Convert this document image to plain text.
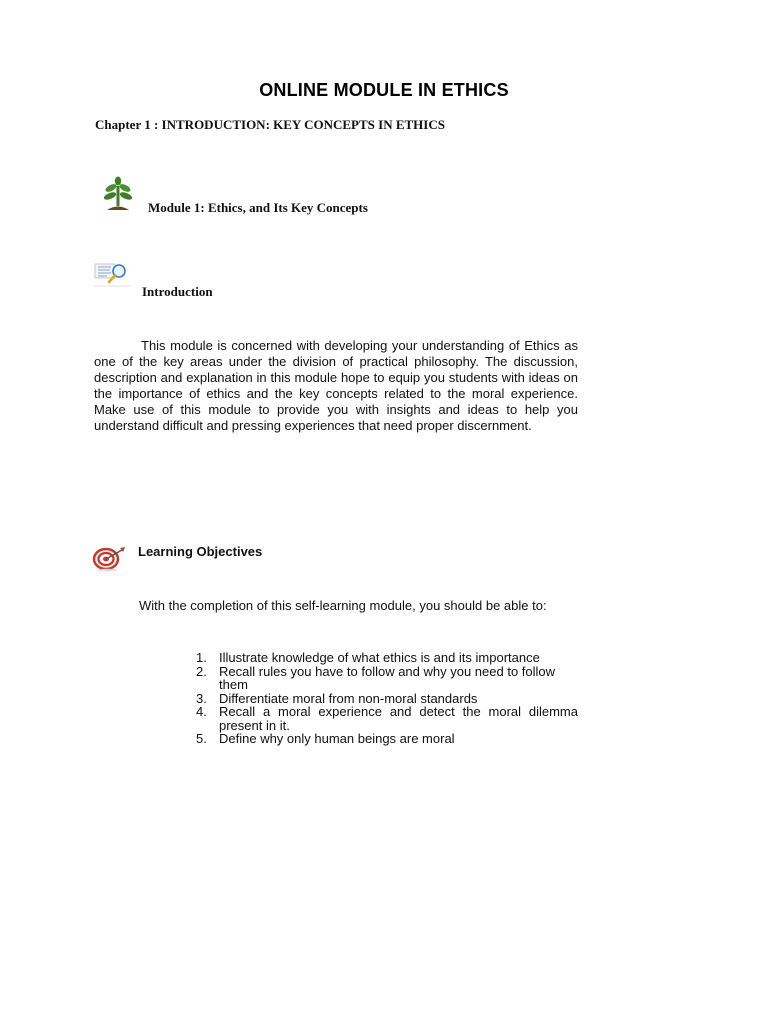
ONLINE MODULE IN ETHICS
Chapter 1 : INTRODUCTION: KEY CONCEPTS IN ETHICS
Module 1: Ethics, and Its Key Concepts
Introduction
This module is concerned with developing your understanding of Ethics as one of the key areas under the division of practical philosophy. The discussion, description and explanation in this module hope to equip you students with ideas on the importance of ethics and the key concepts related to the moral experience. Make use of this module to provide you with insights and ideas to help you understand difficult and pressing experiences that need proper discernment.
Learning Objectives
With the completion of this self-learning module, you should be able to:
1. Illustrate knowledge of what ethics is and its importance
2. Recall rules you have to follow and why you need to follow them
3. Differentiate moral from non-moral standards
4. Recall a moral experience and detect the moral dilemma present in it.
5. Define why only human beings are moral
